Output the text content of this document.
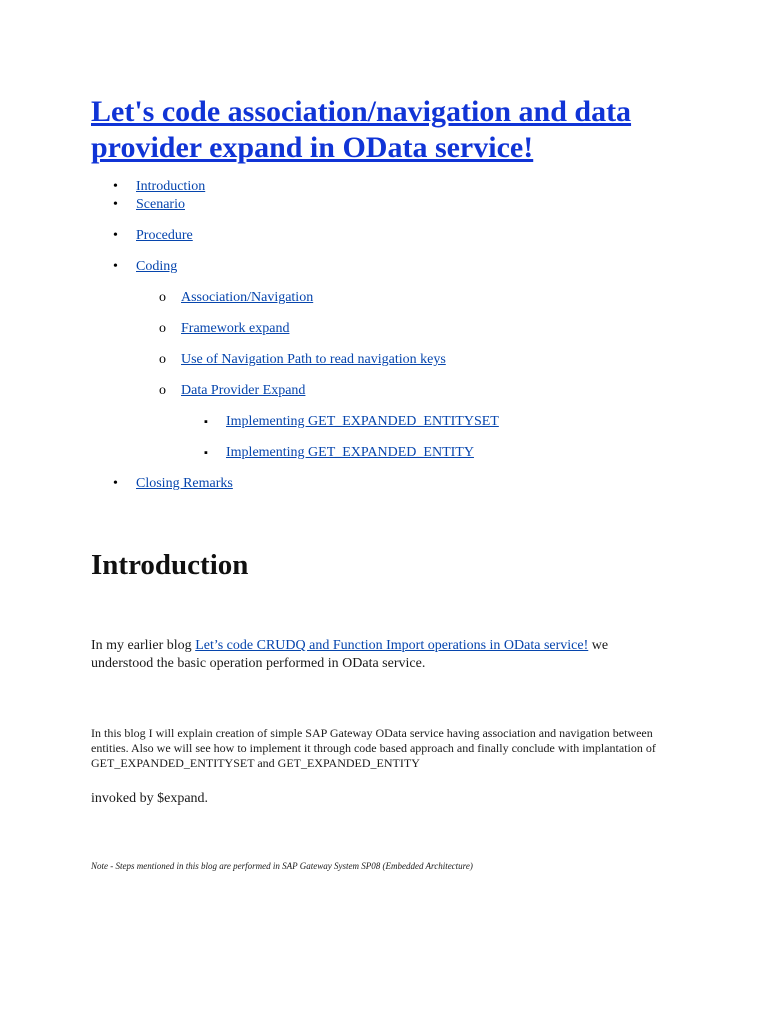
Let's code association/navigation and data provider expand in OData service!
• Introduction
• Scenario
• Procedure
• Coding
o Association/Navigation
o Framework expand
o Use of Navigation Path to read navigation keys
o Data Provider Expand
▪ Implementing GET_EXPANDED_ENTITYSET
▪ Implementing GET_EXPANDED_ENTITY
• Closing Remarks
Introduction

In my earlier blog Let’s code CRUDQ and Function Import operations in OData service! we understood the basic operation performed in OData service.

In this blog I will explain creation of simple SAP Gateway OData service having association and navigation between entities. Also we will see how to implement it through code based approach and finally conclude with implantation of GET_EXPANDED_ENTITYSET and GET_EXPANDED_ENTITY

invoked by $expand.

Note - Steps mentioned in this blog are performed in SAP Gateway System SP08 (Embedded Architecture)
